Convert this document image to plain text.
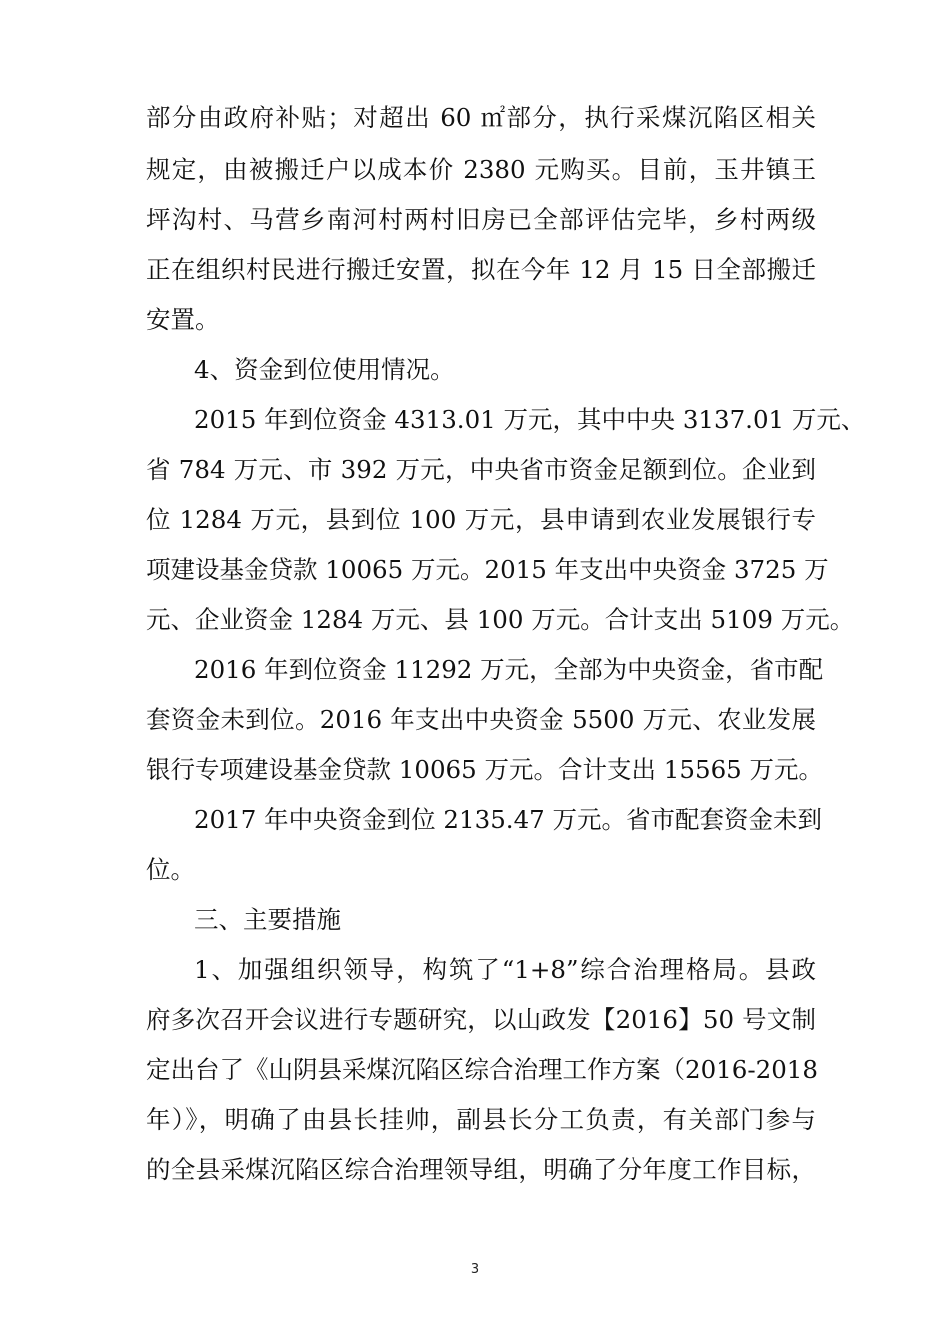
部分由政府补贴；对超出 60 ㎡部分，执行采煤沉陷区相关
规定，由被搬迁户以成本价 2380 元购买。目前，玉井镇王
坪沟村、马营乡南河村两村旧房已全部评估完毕，乡村两级
正在组织村民进行搬迁安置，拟在今年 12 月 15 日全部搬迁
安置。
4、资金到位使用情况。
2015 年到位资金 4313.01 万元，其中中央 3137.01 万元、
省 784 万元、市 392 万元，中央省市资金足额到位。企业到
位 1284 万元，县到位 100 万元，县申请到农业发展银行专
项建设基金贷款 10065 万元。2015 年支出中央资金 3725 万
元、企业资金 1284 万元、县 100 万元。合计支出 5109 万元。
2016 年到位资金 11292 万元，全部为中央资金，省市配
套资金未到位。2016 年支出中央资金 5500 万元、农业发展
银行专项建设基金贷款 10065 万元。合计支出 15565 万元。
2017 年中央资金到位 2135.47 万元。省市配套资金未到
位。
三、主要措施
1、加强组织领导，构筑了“1+8”综合治理格局。县政
府多次召开会议进行专题研究，以山政发【2016】50 号文制
定出台了《山阴县采煤沉陷区综合治理工作方案（2016-2018
年）》，明确了由县长挂帅，副县长分工负责，有关部门参与
的全县采煤沉陷区综合治理领导组，明确了分年度工作目标，
3
